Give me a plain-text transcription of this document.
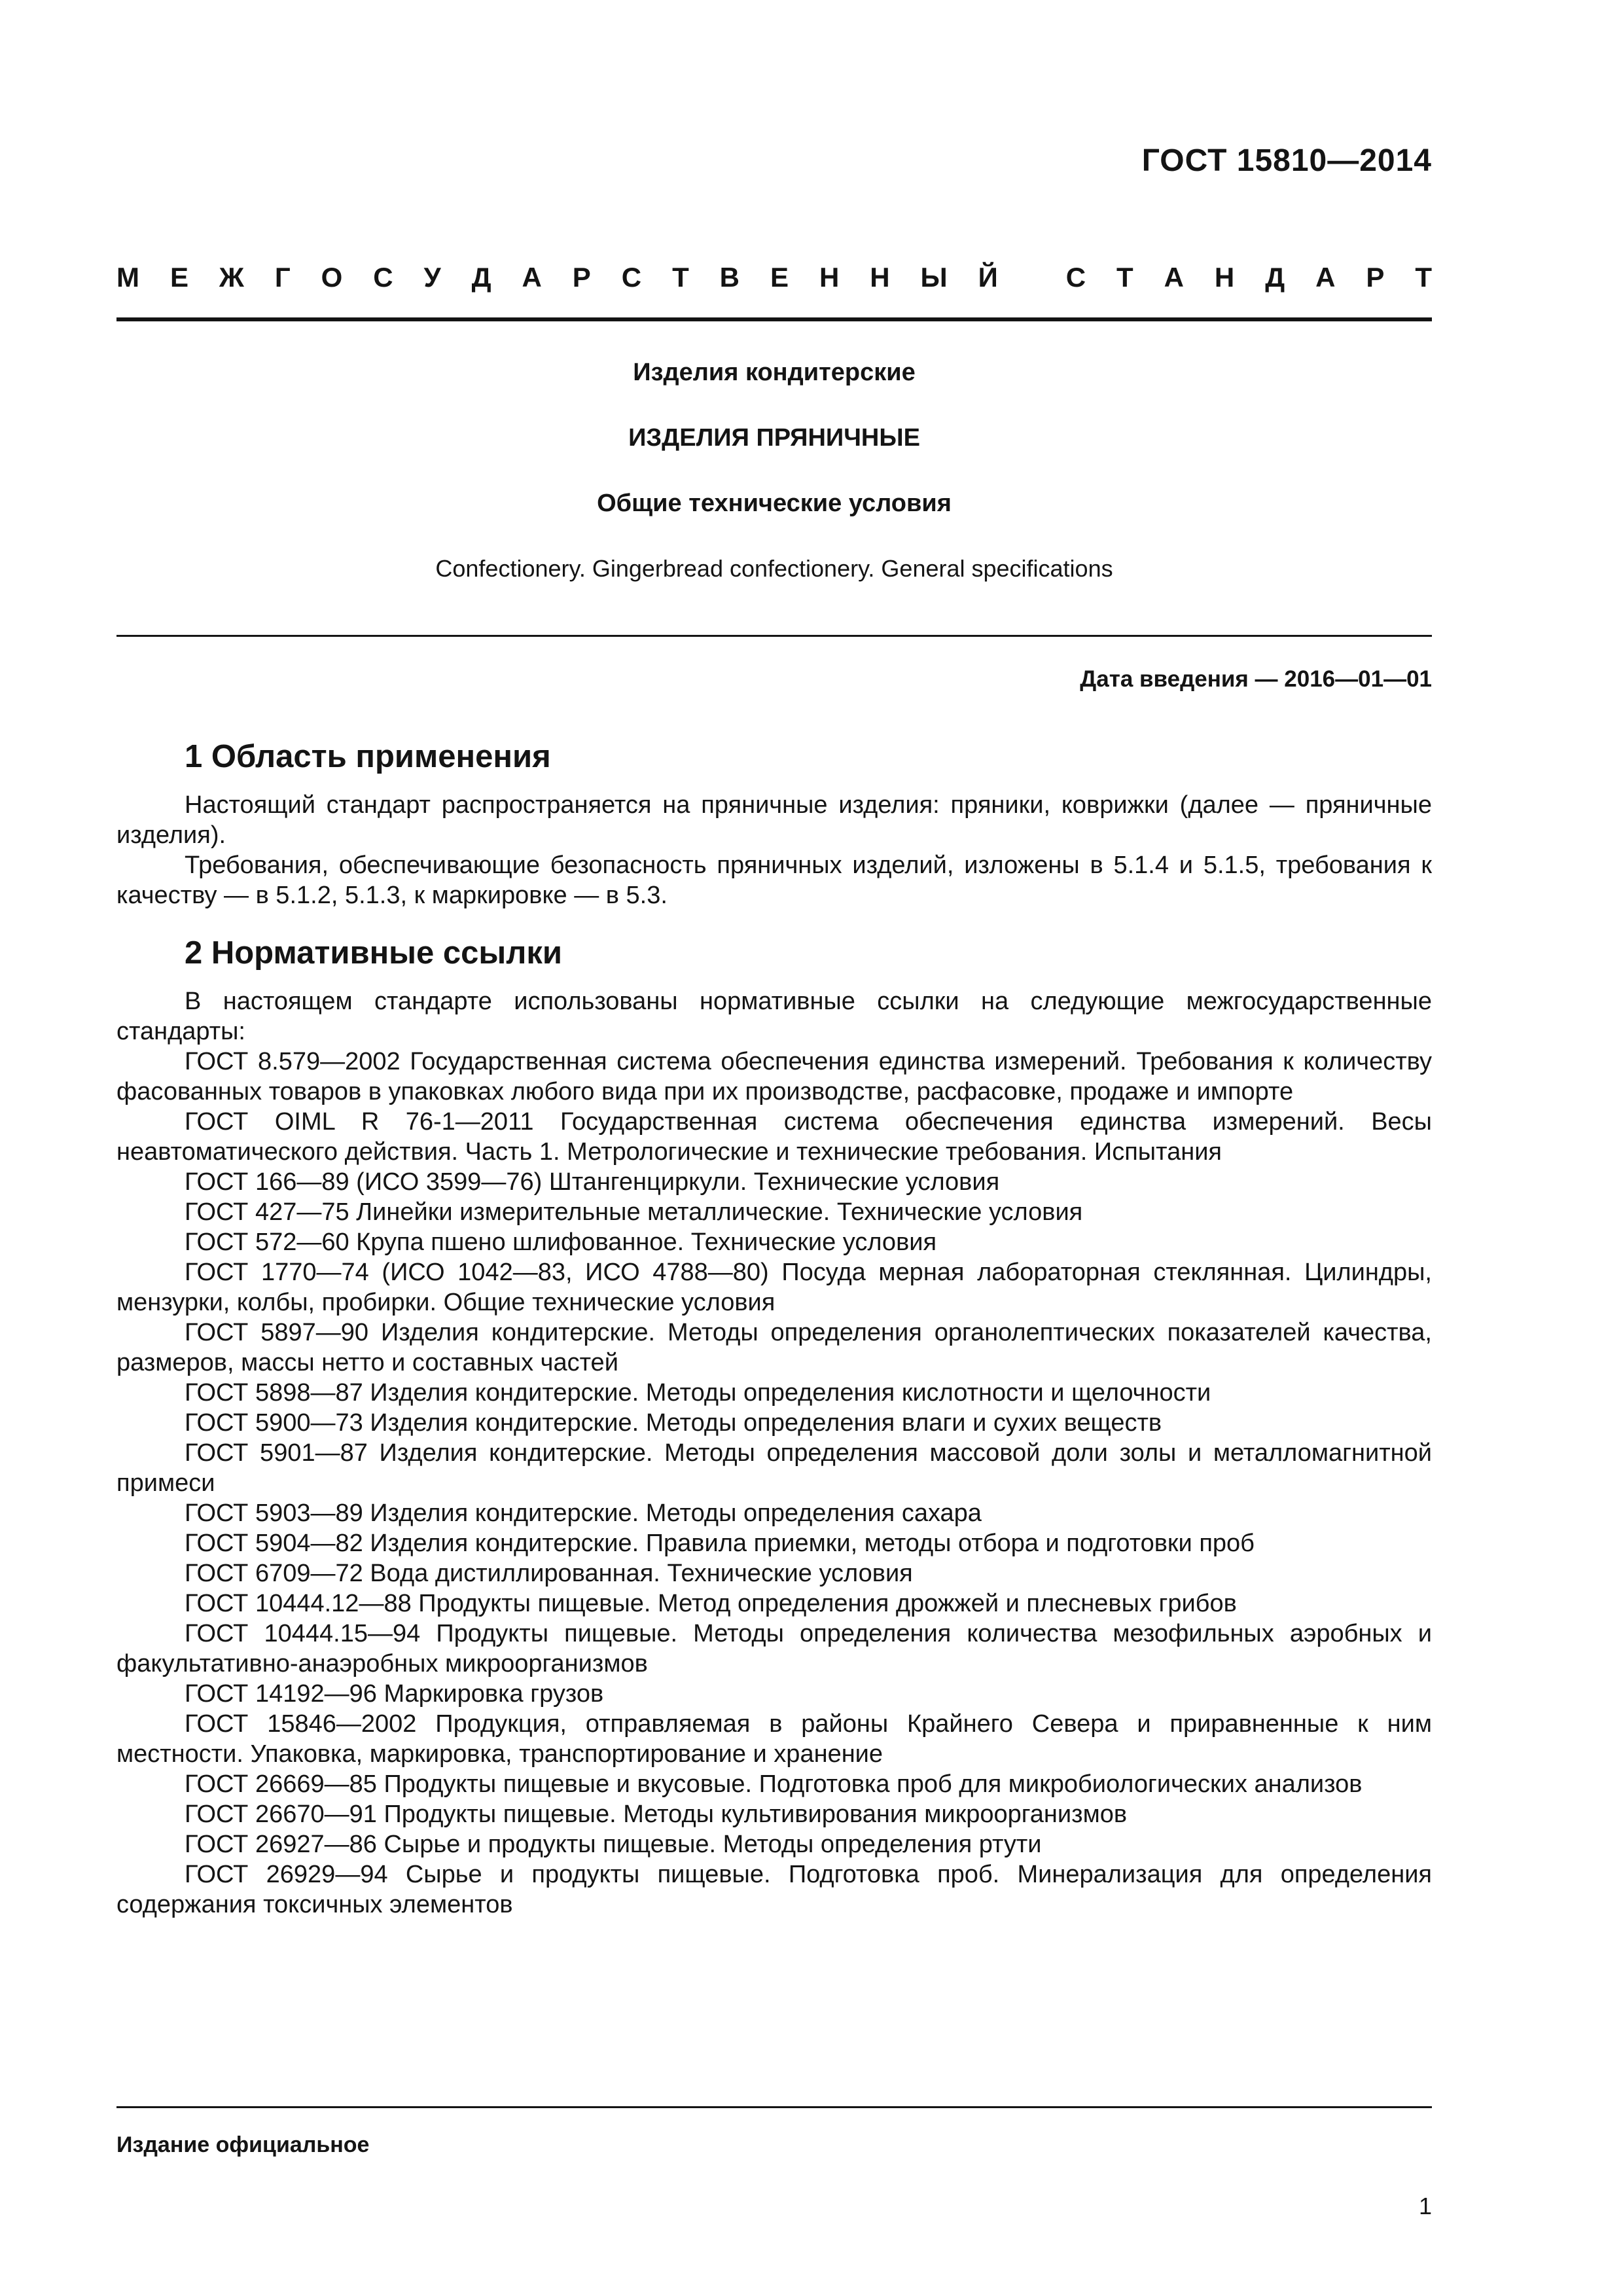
ГОСТ 15810—2014
М Е Ж Г О С У Д А Р С Т В Е Н Н Ы Й С Т А Н Д А Р Т
Изделия кондитерские
ИЗДЕЛИЯ ПРЯНИЧНЫЕ
Общие технические условия
Confectionery. Gingerbread confectionery. General specifications
Дата введения — 2016—01—01
1 Область применения

Настоящий стандарт распространяется на пряничные изделия: пряники, коврижки (далее — пряничные изделия).

Требования, обеспечивающие безопасность пряничных изделий, изложены в 5.1.4 и 5.1.5, требования к качеству — в 5.1.2, 5.1.3, к маркировке — в 5.3.

2 Нормативные ссылки

В настоящем стандарте использованы нормативные ссылки на следующие межгосударственные стандарты:

ГОСТ 8.579—2002 Государственная система обеспечения единства измерений. Требования к количеству фасованных товаров в упаковках любого вида при их производстве, расфасовке, продаже и импорте

ГОСТ OIML R 76-1—2011 Государственная система обеспечения единства измерений. Весы неавтоматического действия. Часть 1. Метрологические и технические требования. Испытания

ГОСТ 166—89 (ИСО 3599—76) Штангенциркули. Технические условия

ГОСТ 427—75 Линейки измерительные металлические. Технические условия

ГОСТ 572—60 Крупа пшено шлифованное. Технические условия

ГОСТ 1770—74 (ИСО 1042—83, ИСО 4788—80) Посуда мерная лабораторная стеклянная. Цилиндры, мензурки, колбы, пробирки. Общие технические условия

ГОСТ 5897—90 Изделия кондитерские. Методы определения органолептических показателей качества, размеров, массы нетто и составных частей

ГОСТ 5898—87 Изделия кондитерские. Методы определения кислотности и щелочности

ГОСТ 5900—73 Изделия кондитерские. Методы определения влаги и сухих веществ

ГОСТ 5901—87 Изделия кондитерские. Методы определения массовой доли золы и металломагнитной примеси

ГОСТ 5903—89 Изделия кондитерские. Методы определения сахара

ГОСТ 5904—82 Изделия кондитерские. Правила приемки, методы отбора и подготовки проб

ГОСТ 6709—72 Вода дистиллированная. Технические условия

ГОСТ 10444.12—88 Продукты пищевые. Метод определения дрожжей и плесневых грибов

ГОСТ 10444.15—94 Продукты пищевые. Методы определения количества мезофильных аэробных и факультативно-анаэробных микроорганизмов

ГОСТ 14192—96 Маркировка грузов

ГОСТ 15846—2002 Продукция, отправляемая в районы Крайнего Севера и приравненные к ним местности. Упаковка, маркировка, транспортирование и хранение

ГОСТ 26669—85 Продукты пищевые и вкусовые. Подготовка проб для микробиологических анализов

ГОСТ 26670—91 Продукты пищевые. Методы культивирования микроорганизмов

ГОСТ 26927—86 Сырье и продукты пищевые. Методы определения ртути

ГОСТ 26929—94 Сырье и продукты пищевые. Подготовка проб. Минерализация для определения содержания токсичных элементов

Издание официальное
1
